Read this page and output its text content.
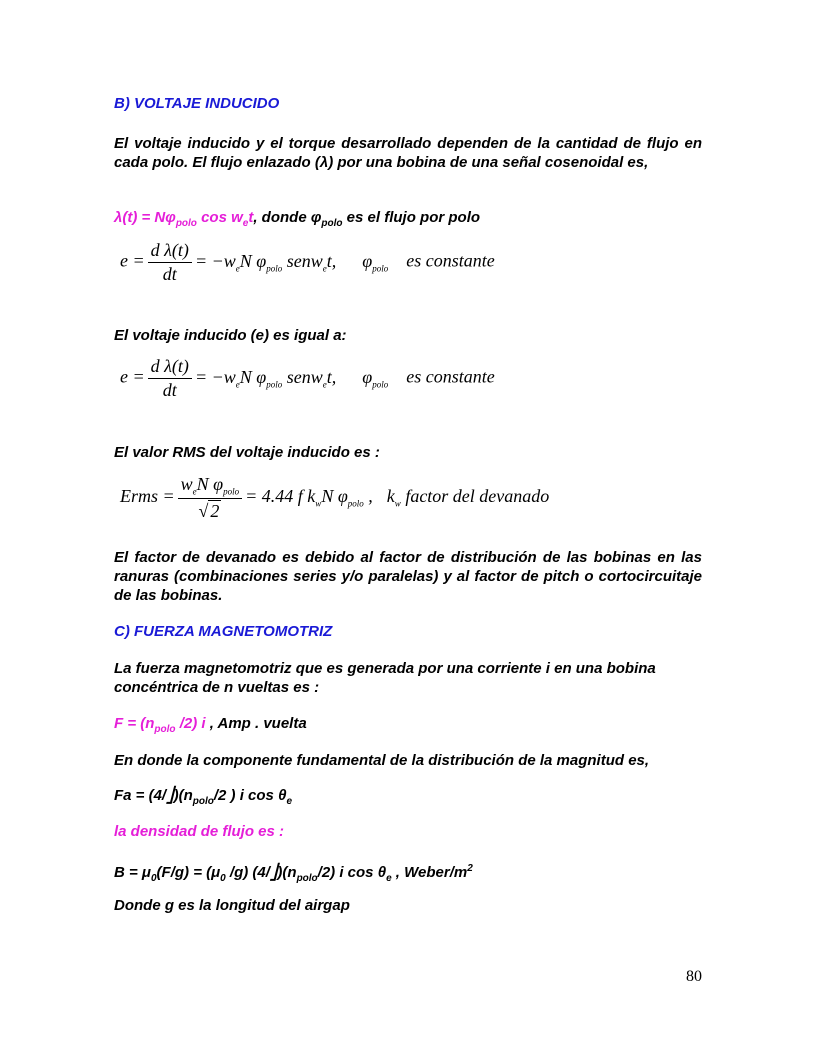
B) VOLTAJE INDUCIDO
El voltaje inducido y el torque desarrollado dependen de la cantidad de flujo en cada polo. El flujo enlazado (λ) por una bobina de una señal cosenoidal es,
$\lambda(t) = N\varphi_{polo}$ $\cos w_et$, donde $\varphi_{polo}$ es el flujo por polo
$e = \frac{\text{d λ(t)}}{dt} = -w_eN$ $\varphi_{polo}$ senw$_e$t, $\varphi_{polo}$ es constante
El voltaje inducido (e) es igual a:
$e = \frac{\text{d λ(t)}}{dt} = -w_eN$ $\varphi_{polo}$ senw$_e$t, $\varphi_{polo}$ es constante
El valor RMS del voltaje inducido es :
Erms = $\frac{w_eN \varphi_{polo}}{√ 2} = 4.44$ f $k_wN$ $\varphi_{polo}$ , $k_w$ factor del devanado
El factor de devanado es debido al factor de distribución de las bobinas en las ranuras (combinaciones series y/o paralelas) y al factor de pitch o cortocircuitaje de las bobinas.
C) FUERZA MAGNETOMOTRIZ
La fuerza magnetomotriz que es generada por una corriente i en una bobina concéntrica de n vueltas es :
$F = (n_{polo}$ /2) i , Amp . vuelta
En donde la componente fundamental de la distribución de la magnitud es,
$Fa = (4/⎦)(n_{polo}/2$ ) i $\cos \theta_e$
la densidad de flujo es :
$B = \mu_0(F/g) = (\mu_0$ /g) $(4/⎦)(n_{polo}/2)$ i $\cos \theta_e$ , Weber/$m^2$
Donde g es la longitud del airgap
80
